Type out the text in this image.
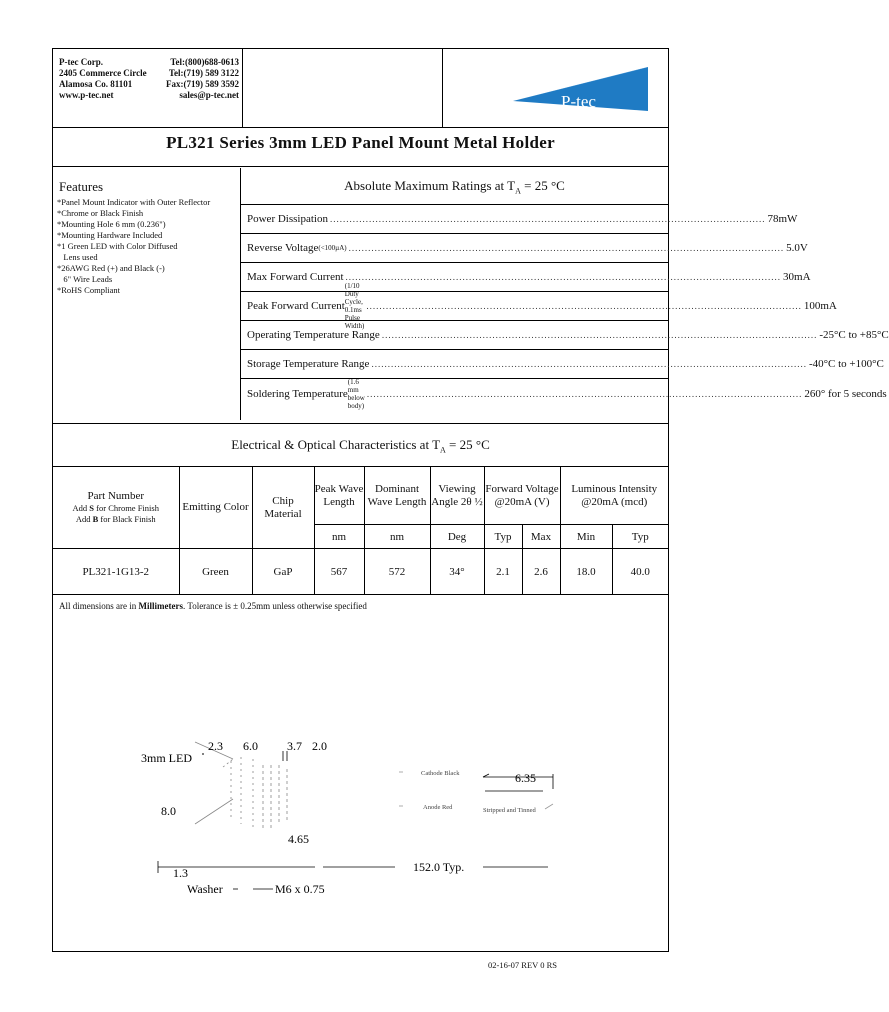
P-tec Corp.	Tel:(800)688-0613
2405 Commerce Circle Tel:(719) 589 3122
Alamosa Co. 81101	Fax:(719) 589 3592
www.p-tec.net	sales@p-tec.net	P-tec
PL321 Series 3mm LED Panel Mount Metal Holder
Features
*Panel Mount Indicator with Outer Reflector
*Chrome or Black Finish
*Mounting Hole 6 mm (0.236")
*Mounting Hardware Included
*1 Green LED with Color Diffused
Lens used
*26AWG Red (+) and Black (-)
6" Wire Leads
*RoHS Compliant
Absolute Maximum Ratings at $T_A = 25$ °C
Power Dissipation ...................................................................................................................................... 78mW
Reverse Voltage (<100µA) ...................................................................................................................................... 5.0V
Max Forward Current ...................................................................................................................................... 30mA
Peak Forward Current
(1/10 Duty Cycle, 0.1ms Pulse Width)
...................................................................................................................................... 100mA
Operating Temperature Range ...................................................................................................................................... -25°C to +85°C
Storage Temperature Range ...................................................................................................................................... -40°C to +100°C
Soldering Temperature
(1.6 mm below body)
...................................................................................................................................... 260° for 5 seconds
Electrical & Optical Characteristics at $T_A = 25$ °C
Part Number
Add S for Chrome Finish
Add B for Black Finish	Emitting Color	Chip Material	Peak Wave Length	Dominant Wave Length	Viewing Angle 2θ ½	Forward Voltage @20mA (V)		Luminous Intensity @20mA (mcd)	
			nm	nm	Deg	Typ	Max	Min	Typ
PL321-1G13-2	Green	GaP	567	572	34°	2.1	2.6	18.0	40.0
All dimensions are in Millimeters. Tolerance is ± 0.25mm unless otherwise specified
2.3 6.0 3.7 2.0
3mm LED
8.0
1.3
4.65
152.0 Typ.
Washer	M6 x 0.75
Cathode Black
Anode Red
6.35
Stripped and Tinned
02-16-07 REV 0 RS
